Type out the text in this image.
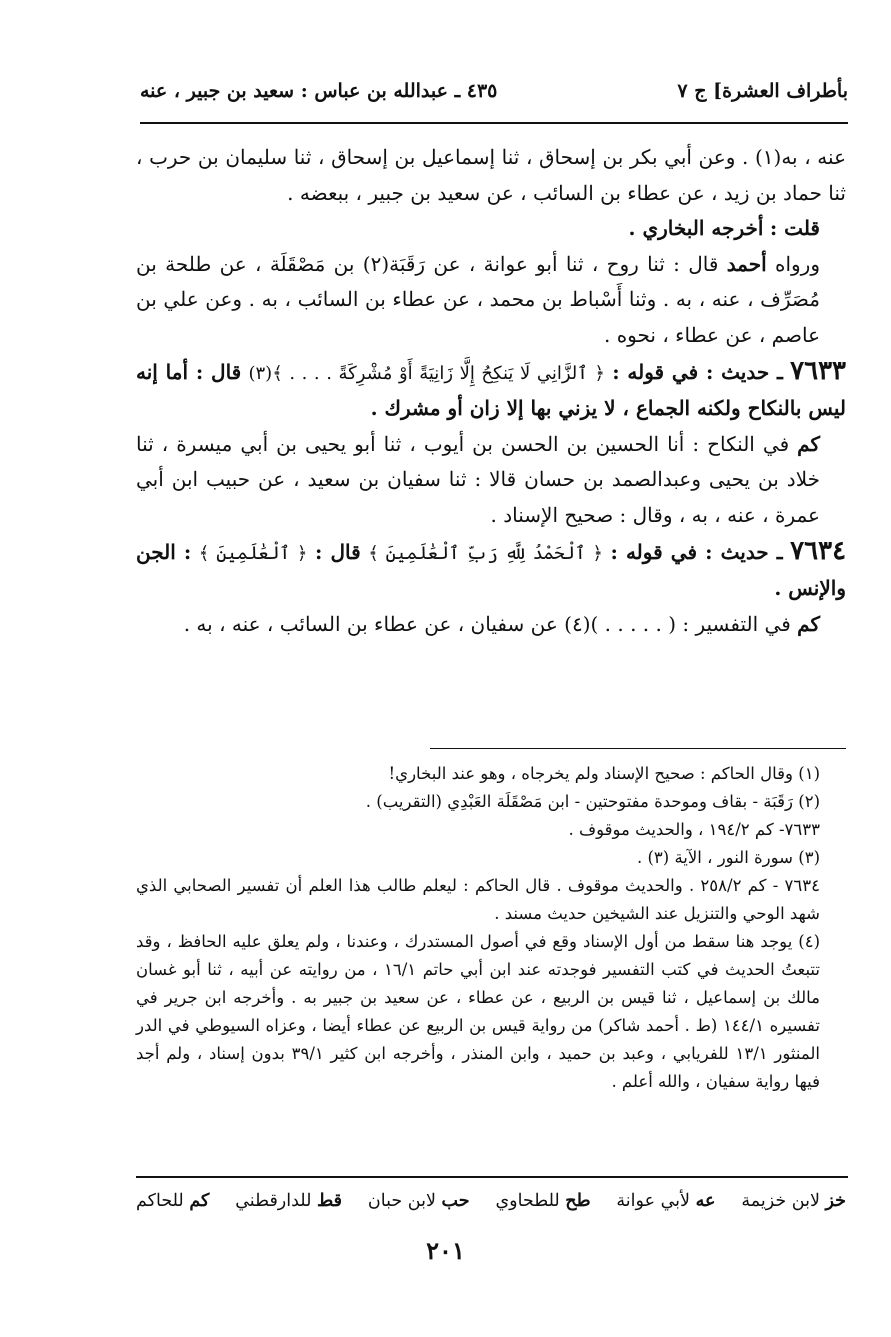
بأطراف العشرة] ج ٧
٤٣٥ ـ عبدالله بن عباس : سعيد بن جبير ، عنه

عنه ، به(١) . وعن أبي بكر بن إسحاق ، ثنا إسماعيل بن إسحاق ، ثنا سليمان بن حرب ، ثنا حماد بن زيد ، عن عطاء بن السائب ، عن سعيد بن جبير ، ببعضه .

قلت : أخرجه البخاري .

ورواه أحمد قال : ثنا روح ، ثنا أبو عوانة ، عن رَقَبَة(٢) بن مَصْقَلَة ، عن طلحة بن مُصَرِّف ، عنه ، به . وثنا أَسْباط بن محمد ، عن عطاء بن السائب ، به . وعن علي بن عاصم ، عن عطاء ، نحوه .

٧٦٣٣ ـ حديث : في قوله : ﴿ ٱلزَّانِي لَا يَنكِحُ إِلَّا زَانِيَةً أَوْ مُشْرِكَةً . . . . ﴾(٣) قال : أما إنه ليس بالنكاح ولكنه الجماع ، لا يزني بها إلا زان أو مشرك .

كم في النكاح : أنا الحسين بن الحسن بن أيوب ، ثنا أبو يحيى بن أبي ميسرة ، ثنا خلاد بن يحيى وعبدالصمد بن حسان قالا : ثنا سفيان بن سعيد ، عن حبيب ابن أبي عمرة ، عنه ، به ، وقال : صحيح الإسناد .

٧٦٣٤ ـ حديث : في قوله : ﴿ ٱلْحَمْدُ لِلَّهِ رَبِّ ٱلْعَٰلَمِينَ ﴾ قال : ﴿ ٱلْعَٰلَمِينَ ﴾ : الجن والإنس .

كم في التفسير : ( . . . . . )(٤) عن سفيان ، عن عطاء بن السائب ، عنه ، به .

(١) وقال الحاكم : صحيح الإسناد ولم يخرجاه ، وهو عند البخاري!

(٢) رَقَبَة - بقاف وموحدة مفتوحتين - ابن مَصْقَلَة العَبْدِي (التقريب) .

٧٦٣٣- كم ١٩٤/٢ ، والحديث موقوف .

(٣) سورة النور ، الآية (٣) .

٧٦٣٤ - كم ٢٥٨/٢ . والحديث موقوف . قال الحاكم : ليعلم طالب هذا العلم أن تفسير الصحابي الذي شهد الوحي والتنزيل عند الشيخين حديث مسند .

(٤) يوجد هنا سقط من أول الإسناد وقع في أصول المستدرك ، وعندنا ، ولم يعلق عليه الحافظ ، وقد تتبعتُ الحديث في كتب التفسير فوجدته عند ابن أبي حاتم ١٦/١ ، من روايته عن أبيه ، ثنا أبو غسان مالك بن إسماعيل ، ثنا قيس بن الربيع ، عن عطاء ، عن سعيد بن جبير به . وأخرجه ابن جرير في تفسيره ١٤٤/١ (ط . أحمد شاكر) من رواية قيس بن الربيع عن عطاء أيضا ، وعزاه السيوطي في الدر المنثور ١٣/١ للفريابي ، وعبد بن حميد ، وابن المنذر ، وأخرجه ابن كثير ٣٩/١ بدون إسناد ، ولم أجد فيها رواية سفيان ، والله أعلم .

خز لابن خزيمة
عه لأبي عوانة
طح للطحاوي
حب لابن حبان
قط للدارقطني
كم للحاكم
٢٠١
